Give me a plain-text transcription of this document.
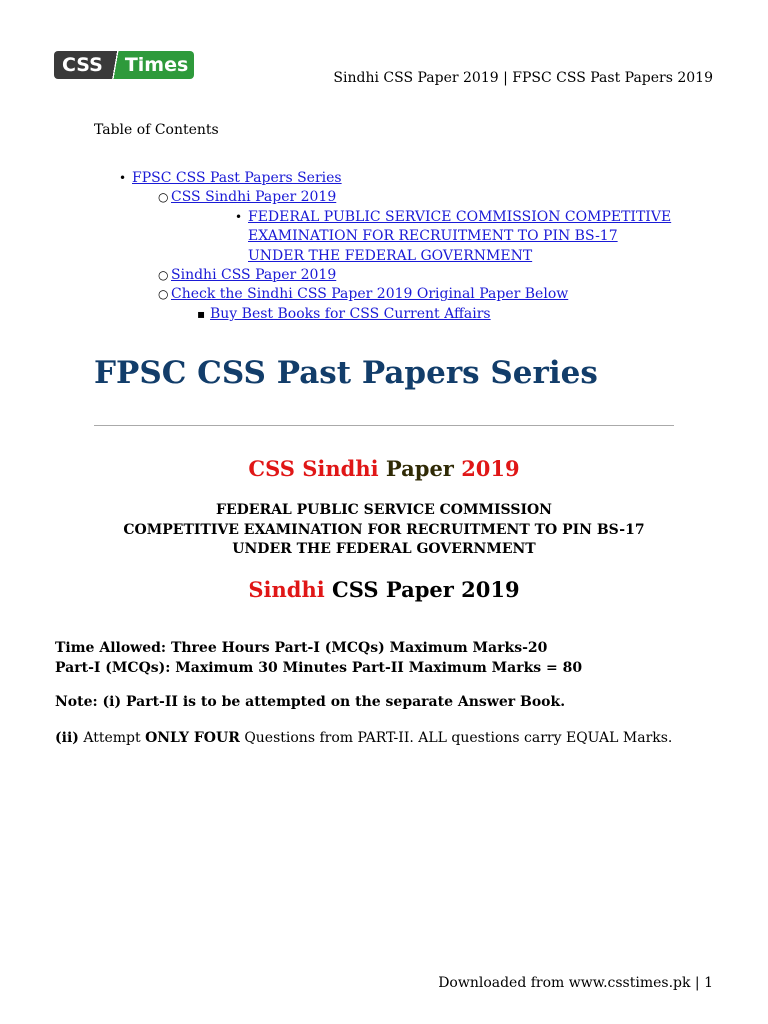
CSS	Times
Sindhi CSS Paper 2019 | FPSC CSS Past Papers 2019
Table of Contents
• FPSC CSS Past Papers Series
○ CSS Sindhi Paper 2019
• FEDERAL PUBLIC SERVICE COMMISSION COMPETITIVE
EXAMINATION FOR RECRUITMENT TO PIN BS-17
UNDER THE FEDERAL GOVERNMENT
○ Sindhi CSS Paper 2019
○ Check the Sindhi CSS Paper 2019 Original Paper Below
▪ Buy Best Books for CSS Current Affairs
FPSC CSS Past Papers Series
CSS Sindhi Paper 2019
FEDERAL PUBLIC SERVICE COMMISSION
COMPETITIVE EXAMINATION FOR RECRUITMENT TO PIN BS-17
UNDER THE FEDERAL GOVERNMENT
Sindhi CSS Paper 2019
Time Allowed: Three Hours Part-I (MCQs) Maximum Marks-20
Part-I (MCQs): Maximum 30 Minutes Part-II Maximum Marks = 80
Note: (i) Part-II is to be attempted on the separate Answer Book.
(ii) Attempt ONLY FOUR Questions from PART-II. ALL questions carry EQUAL Marks.
Downloaded from www.csstimes.pk | 1
